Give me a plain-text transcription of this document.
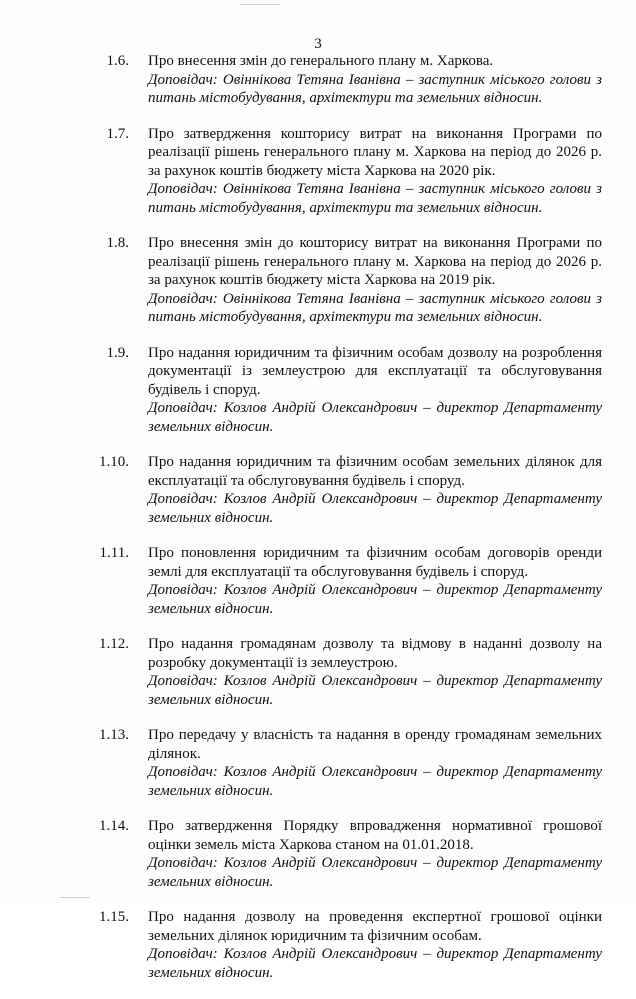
3
1.6. Про внесення змін до генерального плану м. Харкова.
Доповідач: Овіннікова Тетяна Іванівна – заступник міського голови з питань містобудування, архітектури та земельних відносин.
1.7. Про затвердження кошторису витрат на виконання Програми по реалізації рішень генерального плану м. Харкова на період до 2026 р. за рахунок коштів бюджету міста Харкова на 2020 рік.
Доповідач: Овіннікова Тетяна Іванівна – заступник міського голови з питань містобудування, архітектури та земельних відносин.
1.8. Про внесення змін до кошторису витрат на виконання Програми по реалізації рішень генерального плану м. Харкова на період до 2026 р. за рахунок коштів бюджету міста Харкова на 2019 рік.
Доповідач: Овіннікова Тетяна Іванівна – заступник міського голови з питань містобудування, архітектури та земельних відносин.
1.9. Про надання юридичним та фізичним особам дозволу на розроблення документації із землеустрою для експлуатації та обслуговування будівель і споруд.
Доповідач: Козлов Андрій Олександрович – директор Департаменту земельних відносин.
1.10. Про надання юридичним та фізичним особам земельних ділянок для експлуатації та обслуговування будівель і споруд.
Доповідач: Козлов Андрій Олександрович – директор Департаменту земельних відносин.
1.11. Про поновлення юридичним та фізичним особам договорів оренди землі для експлуатації та обслуговування будівель і споруд.
Доповідач: Козлов Андрій Олександрович – директор Департаменту земельних відносин.
1.12. Про надання громадянам дозволу та відмову в наданні дозволу на розробку документації із землеустрою.
Доповідач: Козлов Андрій Олександрович – директор Департаменту земельних відносин.
1.13. Про передачу у власність та надання в оренду громадянам земельних ділянок.
Доповідач: Козлов Андрій Олександрович – директор Департаменту земельних відносин.
1.14. Про затвердження Порядку впровадження нормативної грошової оцінки земель міста Харкова станом на 01.01.2018.
Доповідач: Козлов Андрій Олександрович – директор Департаменту земельних відносин.
1.15. Про надання дозволу на проведення експертної грошової оцінки земельних ділянок юридичним та фізичним особам.
Доповідач: Козлов Андрій Олександрович – директор Департаменту земельних відносин.
